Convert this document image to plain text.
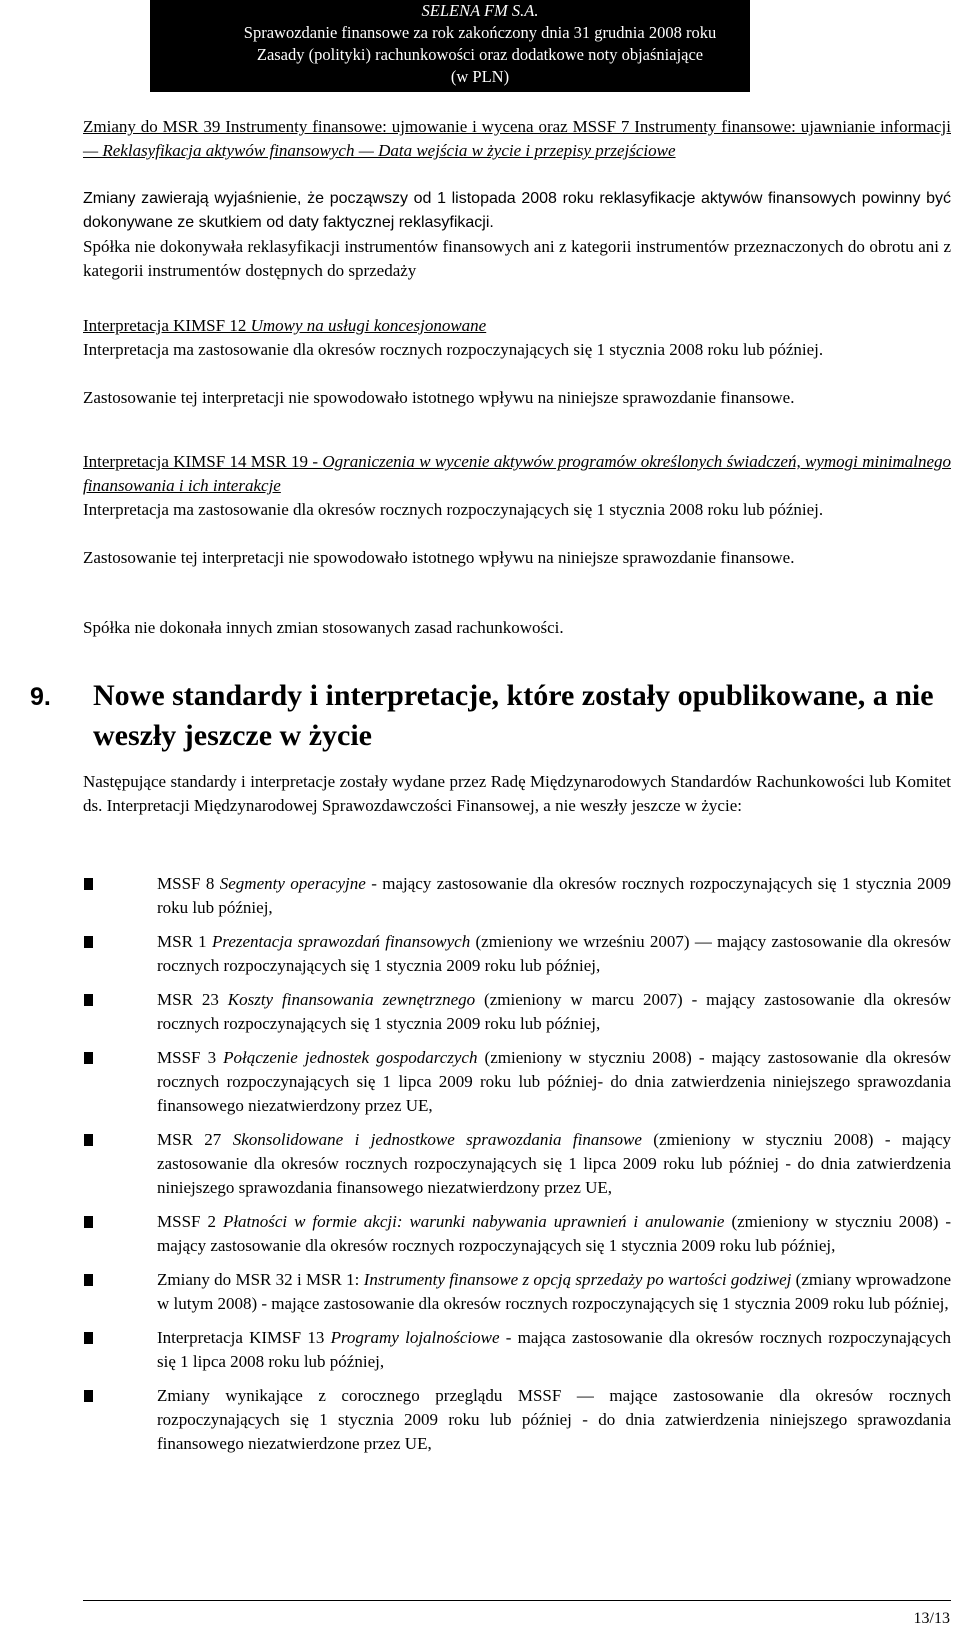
SELENA FM S.A.
Sprawozdanie finansowe za rok zakończony dnia 31 grudnia 2008 roku
Zasady (polityki) rachunkowości oraz dodatkowe noty objaśniające
(w PLN)
Zmiany do MSR 39 Instrumenty finansowe: ujmowanie i wycena oraz MSSF 7 Instrumenty finansowe: ujawnianie informacji — Reklasyfikacja aktywów finansowych — Data wejścia w życie i przepisy przejściowe
Zmiany zawierają wyjaśnienie, że począwszy od 1 listopada 2008 roku reklasyfikacje aktywów finansowych powinny być dokonywane ze skutkiem od daty faktycznej reklasyfikacji.
Spółka nie dokonywała reklasyfikacji instrumentów finansowych ani z kategorii instrumentów przeznaczonych do obrotu ani z kategorii instrumentów dostępnych do sprzedaży
Interpretacja KIMSF 12 Umowy na usługi koncesjonowane
Interpretacja ma zastosowanie dla okresów rocznych rozpoczynających się 1 stycznia 2008 roku lub później.
Zastosowanie tej interpretacji nie spowodowało istotnego wpływu na niniejsze sprawozdanie finansowe.
Interpretacja KIMSF 14 MSR 19 - Ograniczenia w wycenie aktywów programów określonych świadczeń, wymogi minimalnego finansowania i ich interakcje
Interpretacja ma zastosowanie dla okresów rocznych rozpoczynających się 1 stycznia 2008 roku lub później.
Zastosowanie tej interpretacji nie spowodowało istotnego wpływu na niniejsze sprawozdanie finansowe.
Spółka nie dokonała innych zmian stosowanych zasad rachunkowości.
9. Nowe standardy i interpretacje, które zostały opublikowane, a nie weszły jeszcze w życie
Następujące standardy i interpretacje zostały wydane przez Radę Międzynarodowych Standardów Rachunkowości lub Komitet ds. Interpretacji Międzynarodowej Sprawozdawczości Finansowej, a nie weszły jeszcze w życie:
MSSF 8 Segmenty operacyjne - mający zastosowanie dla okresów rocznych rozpoczynających się 1 stycznia 2009 roku lub później,
MSR 1 Prezentacja sprawozdań finansowych (zmieniony we wrześniu 2007) — mający zastosowanie dla okresów rocznych rozpoczynających się 1 stycznia 2009 roku lub później,
MSR 23 Koszty finansowania zewnętrznego (zmieniony w marcu 2007) - mający zastosowanie dla okresów rocznych rozpoczynających się 1 stycznia 2009 roku lub później,
MSSF 3 Połączenie jednostek gospodarczych (zmieniony w styczniu 2008) - mający zastosowanie dla okresów rocznych rozpoczynających się 1 lipca 2009 roku lub później- do dnia zatwierdzenia niniejszego sprawozdania finansowego niezatwierdzony przez UE,
MSR 27 Skonsolidowane i jednostkowe sprawozdania finansowe (zmieniony w styczniu 2008) - mający zastosowanie dla okresów rocznych rozpoczynających się 1 lipca 2009 roku lub później - do dnia zatwierdzenia niniejszego sprawozdania finansowego niezatwierdzony przez UE,
MSSF 2 Płatności w formie akcji: warunki nabywania uprawnień i anulowanie (zmieniony w styczniu 2008) - mający zastosowanie dla okresów rocznych rozpoczynających się 1 stycznia 2009 roku lub później,
Zmiany do MSR 32 i MSR 1: Instrumenty finansowe z opcją sprzedaży po wartości godziwej (zmiany wprowadzone w lutym 2008) - mające zastosowanie dla okresów rocznych rozpoczynających się 1 stycznia 2009 roku lub później,
Interpretacja KIMSF 13 Programy lojalnościowe - mająca zastosowanie dla okresów rocznych rozpoczynających się 1 lipca 2008 roku lub później,
Zmiany wynikające z corocznego przeglądu MSSF — mające zastosowanie dla okresów rocznych rozpoczynających się 1 stycznia 2009 roku lub później - do dnia zatwierdzenia niniejszego sprawozdania finansowego niezatwierdzone przez UE,
13/13
